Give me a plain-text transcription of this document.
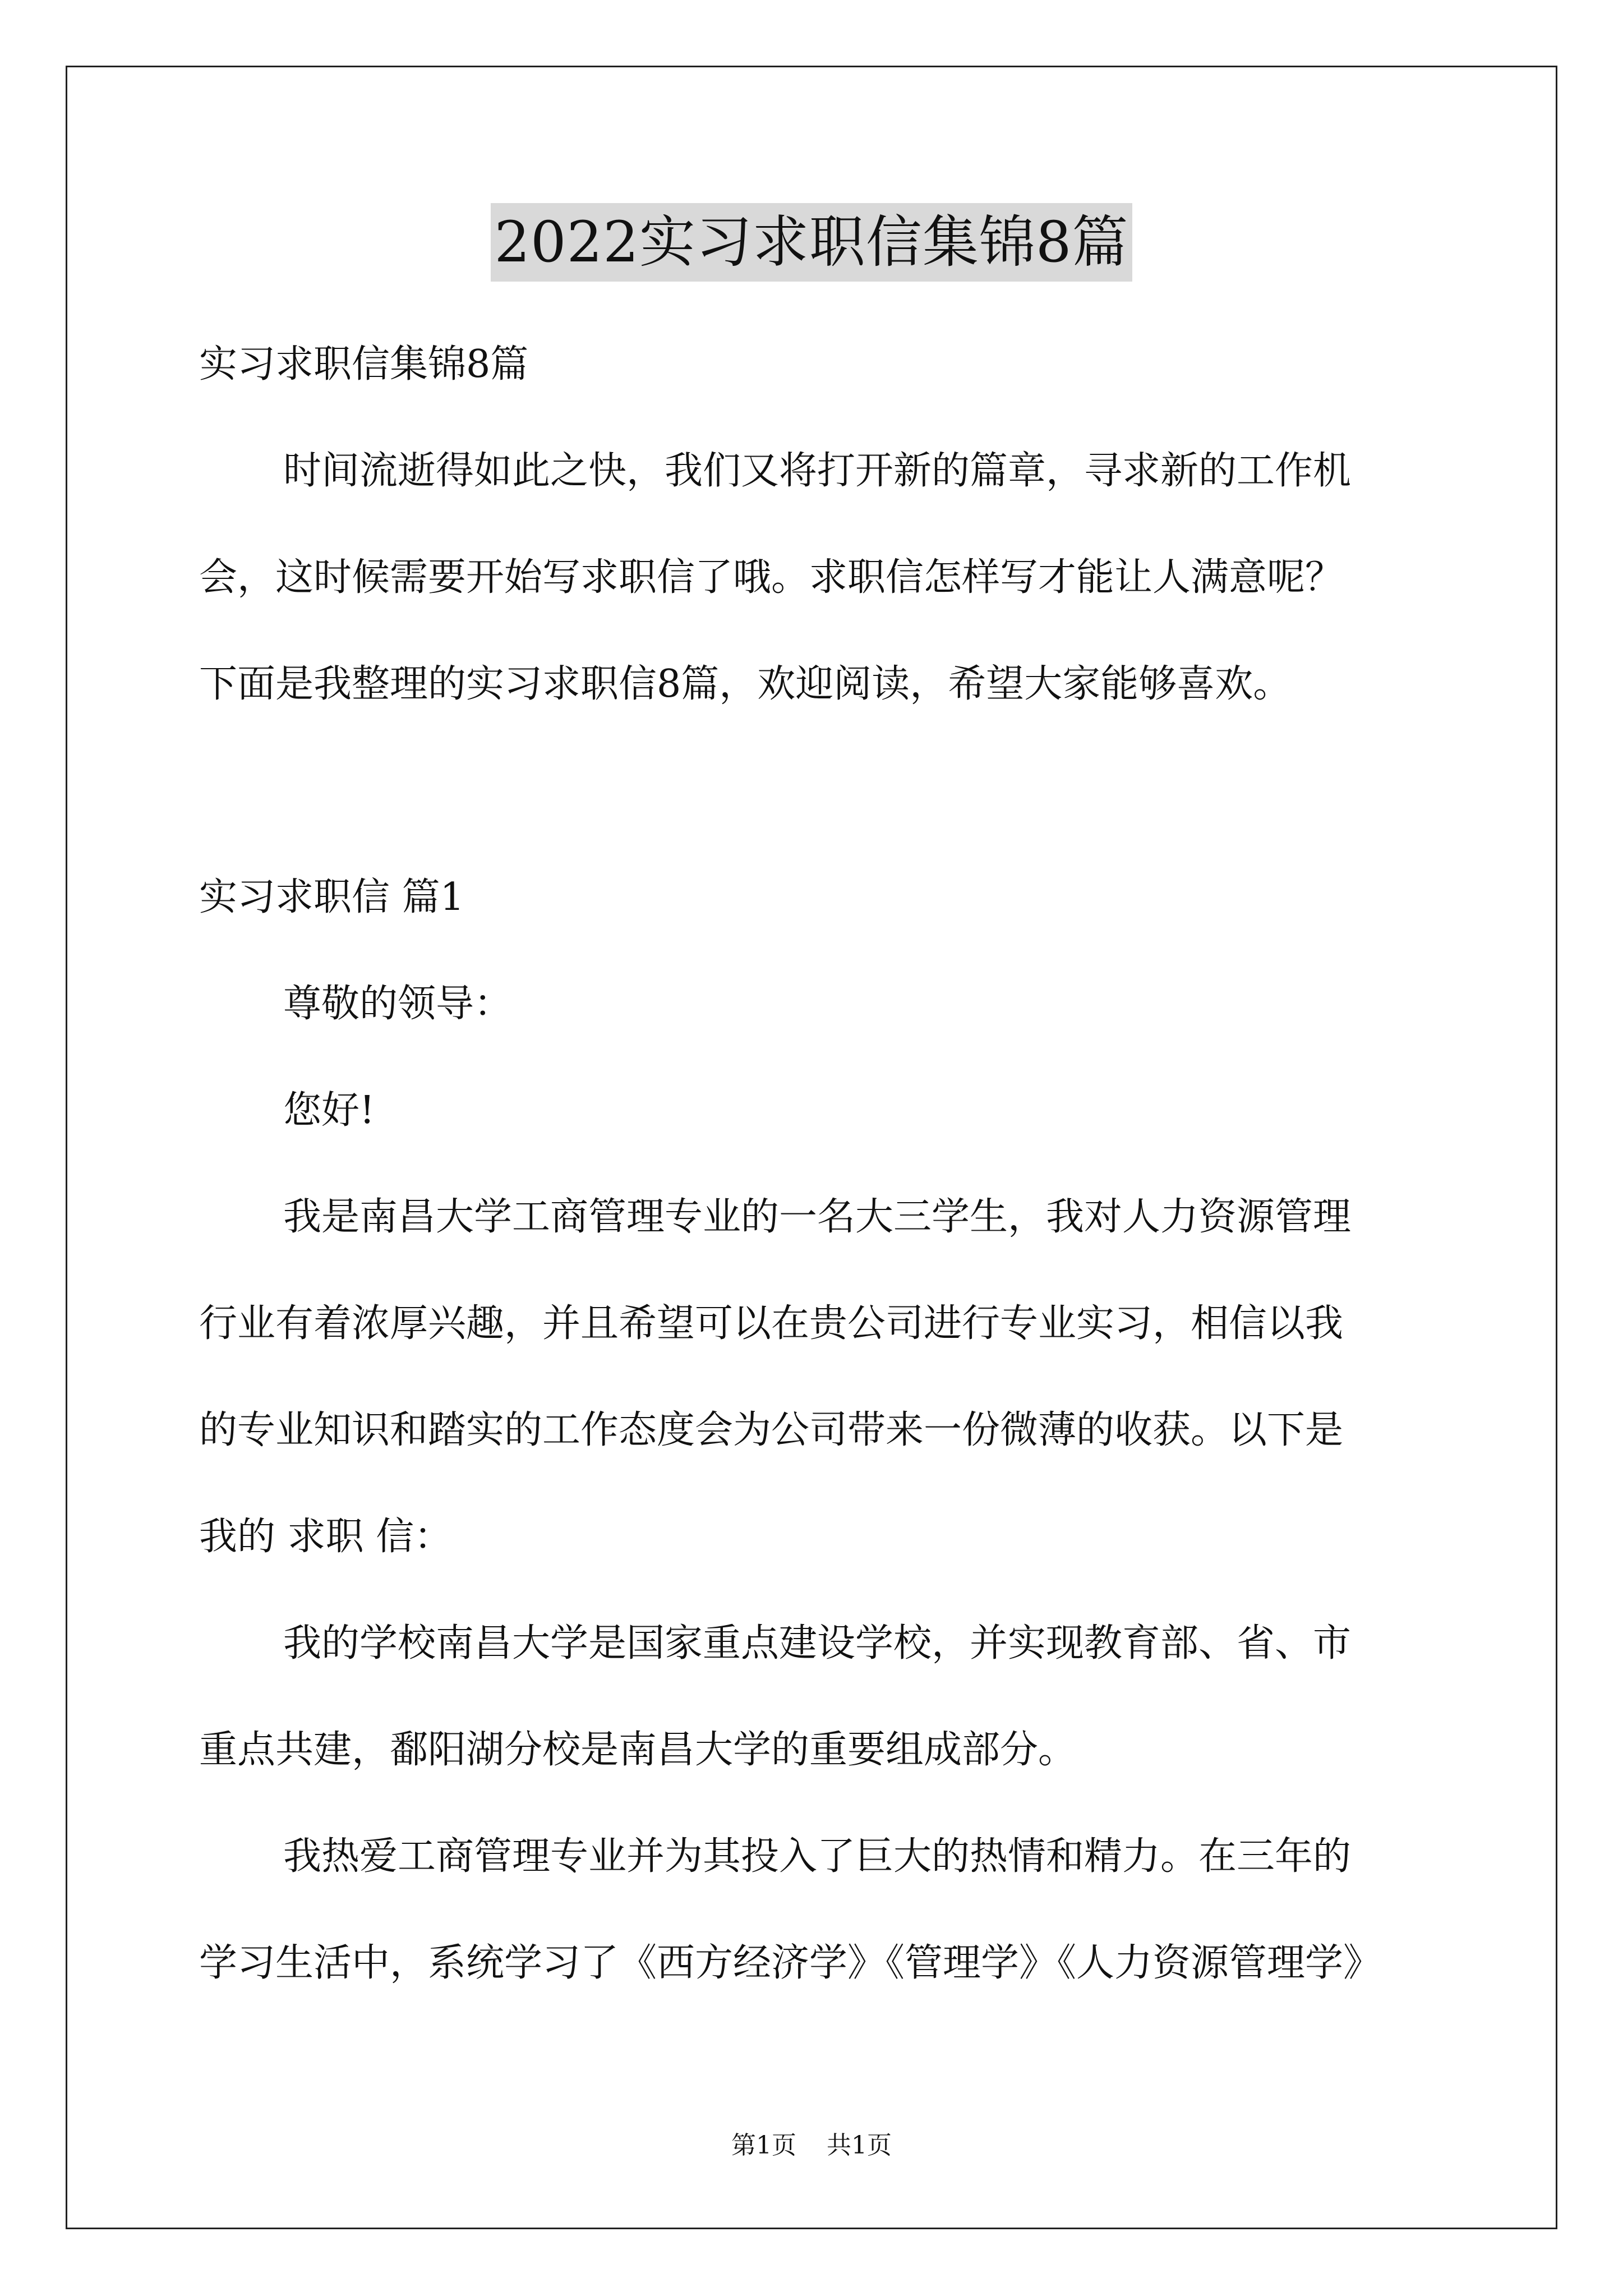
2022实习求职信集锦8篇
实习求职信集锦8篇
时间流逝得如此之快，我们又将打开新的篇章，寻求新的工作机
会，这时候需要开始写求职信了哦。求职信怎样写才能让人满意呢？
下面是我整理的实习求职信8篇，欢迎阅读，希望大家能够喜欢。
实习求职信 篇1
尊敬的领导：
您好!
我是南昌大学工商管理专业的一名大三学生，我对人力资源管理
行业有着浓厚兴趣，并且希望可以在贵公司进行专业实习，相信以我
的专业知识和踏实的工作态度会为公司带来一份微薄的收获。以下是
我的 求职 信：
我的学校南昌大学是国家重点建设学校，并实现教育部、省、市
重点共建，鄱阳湖分校是南昌大学的重要组成部分。
我热爱工商管理专业并为其投入了巨大的热情和精力。在三年的
学习生活中，系统学习了《西方经济学》《管理学》《人力资源管理学》
第1页 共1页
